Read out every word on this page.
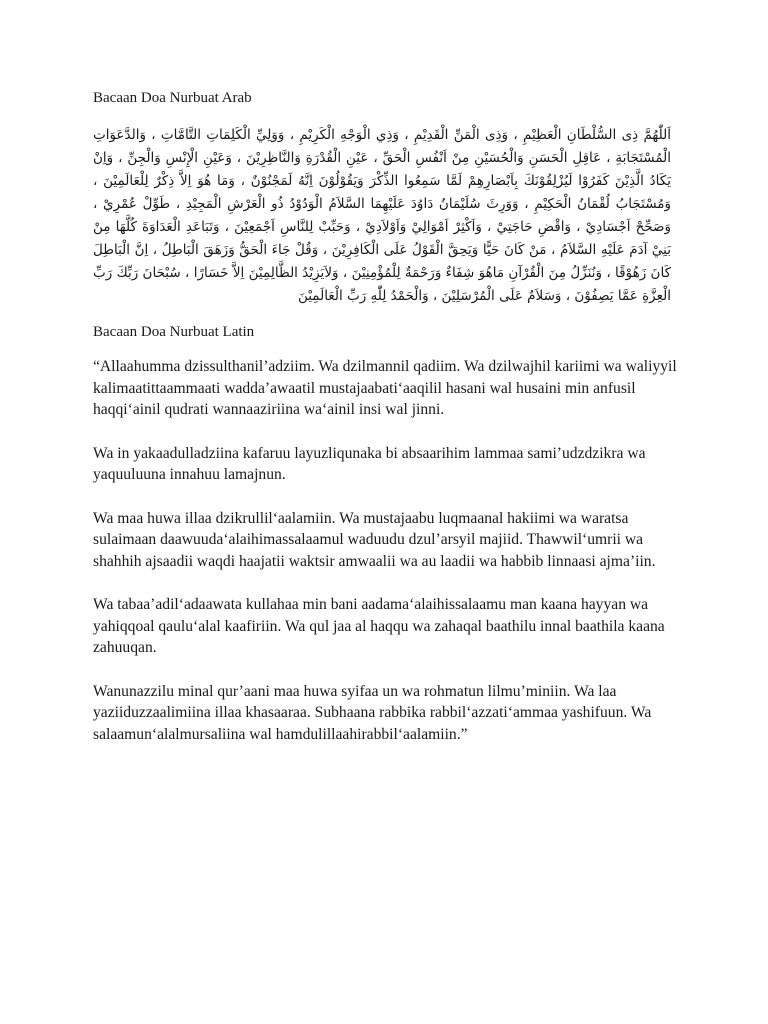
Bacaan Doa Nurbuat Arab

اَللّٰهُمَّ ذِى السُّلْطَانِ الْعَظِيْمِ ، وَذِى الْمَنِّ الْقَدِيْمِ ، وَذِي الْوَجْهِ الْكَرِيْمِ ، وَوَلِيِّ الْكَلِمَاتِ التَّامَّاتِ ، وَالدَّعَوَاتِ الْمُسْتَجَابَةِ ، عَاقِلِ الْحَسَنِ وَالْحُسَيْنِ مِنْ اَنْفُسِ الْحَقِّ ، عَيْنِ الْقُدْرَةِ وَالنَّاظِرِيْنَ ، وَعَيْنِ الْإِنْسِ وَالْجِنِّ ، وَاِنْ يَكَادُ الَّذِيْنَ كَفَرُوْا لَيُزْلِقُوْنَكَ بِاَبْصَارِهِمْ لَمَّا سَمِعُوا الذِّكْرَ وَيَقُوْلُوْنَ اِنَّهُ لَمَجْنُوْنٌ ، وَمَا هُوَ اِلاَّ ذِكْرٌ لِلْعَالَمِيْنَ ، وَمُسْتَجَابُ لُقْمَانُ الْحَكِيْمِ ، وَوَرِثَ سُلَيْمَانُ دَاوُدَ عَلَيْهِمَا السَّلاَمُ الْوَدُوْدُ ذُو الْعَرْشِ الْمَجِيْدِ ، طَوِّلْ عُمْرِيْ ، وَصَحِّحْ اَجْسَادِيْ ، وَاقْضِ حَاجَتِيْ ، وَاَكْثِرْ اَمْوَالِيْ وَاَوْلاَدِيْ ، وَحَبِّبْ لِلنَّاسِ اَجْمَعِيْنَ ، وَتَبَاعَدِ الْعَدَاوَةَ كُلَّهَا مِنْ بَنِيْ آدَمَ عَلَيْهِ السَّلاَمُ ، مَنْ كَانَ حَيًّا وَيَحِقَّ الْقَوْلُ عَلَى الْكَافِرِيْنَ ، وَقُلْ جَاءَ الْحَقُّ وَزَهَقَ الْبَاطِلُ ، اِنَّ الْبَاطِلَ كَانَ زَهُوْقًا ، وَنُنَزِّلُ مِنَ الْقُرْآنِ مَاهُوَ شِفَاءٌ وَرَحْمَةٌ لِلْمُؤْمِنِيْنَ ، وَلاَيَزِيْدُ الظَّالِمِيْنَ اِلاَّ خَسَارًا ، سُبْحَانَ رَبِّكَ رَبِّ الْعِزَّةِ عَمَّا يَصِفُوْنَ ، وَسَلاَمٌ عَلَى الْمُرْسَلِيْنَ ، وَالْحَمْدُ لِلّٰهِ رَبِّ الْعَالَمِيْنَ

Bacaan Doa Nurbuat Latin

“Allaahumma dzissulthanil’adziim. Wa dzilmannil qadiim. Wa dzilwajhil kariimi wa waliyyil kalimaatittaammaati wadda’awaatil mustajaabati‘aaqilil hasani wal husaini min anfusil haqqi‘ainil qudrati wannaaziriina wa‘ainil insi wal jinni.

Wa in yakaadulladziina kafaruu layuzliqunaka bi absaarihim lammaa sami’udzdzikra wa yaquuluuna innahuu lamajnun.

Wa maa huwa illaa dzikrullil‘aalamiin. Wa mustajaabu luqmaanal hakiimi wa waratsa sulaimaan daawuuda‘alaihimassalaamul waduudu dzul’arsyil majiid. Thawwil‘umrii wa shahhih ajsaadii waqdi haajatii waktsir amwaalii wa au laadii wa habbib linnaasi ajma’iin.

Wa tabaa’adil‘adaawata kullahaa min bani aadama‘alaihissalaamu man kaana hayyan wa yahiqqoal qaulu‘alal kaafiriin. Wa qul jaa al haqqu wa zahaqal baathilu innal baathila kaana zahuuqan.

Wanunazzilu minal qur’aani maa huwa syifaa un wa rohmatun lilmu’miniin. Wa laa yaziiduzzaalimiina illaa khasaaraa. Subhaana rabbika rabbil‘azzati‘ammaa yashifuun. Wa salaamun‘alalmursaliina wal hamdulillaahirabbil‘aalamiin.”
